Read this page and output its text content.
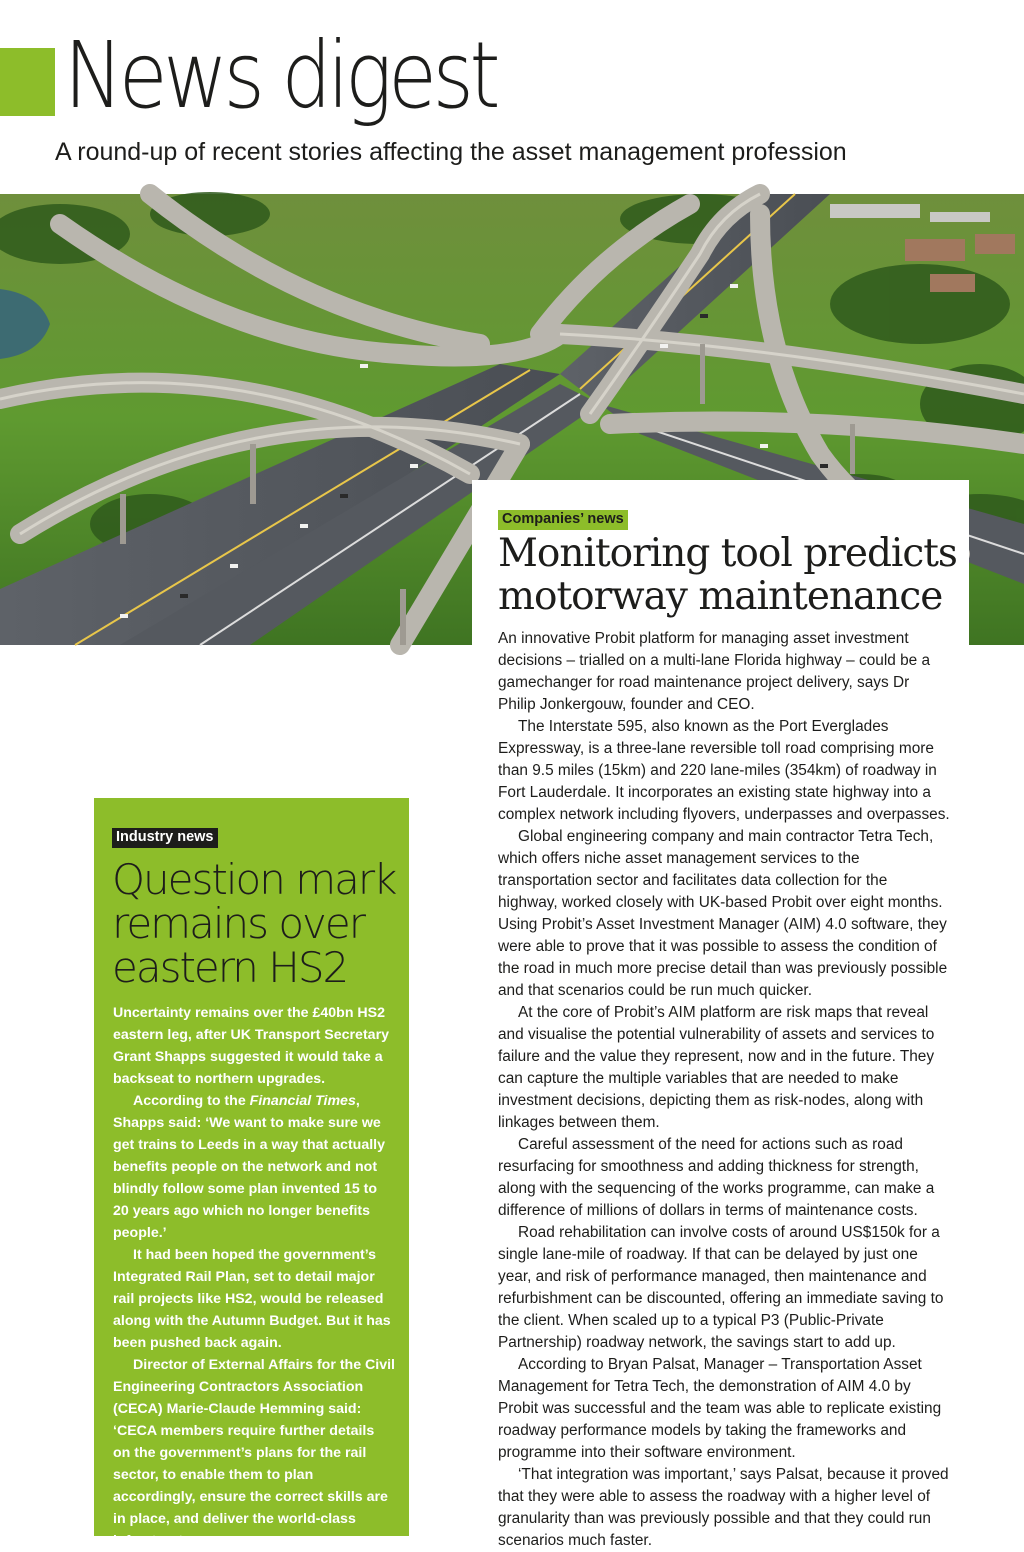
News digest

A round-up of recent stories affecting the asset management profession

Companies’ news
Monitoring tool predicts motorway maintenance

An innovative Probit platform for managing asset investment decisions – trialled on a multi-lane Florida highway – could be a gamechanger for road maintenance project delivery, says Dr Philip Jonkergouw, founder and CEO.

The Interstate 595, also known as the Port Everglades Expressway, is a three-lane reversible toll road comprising more than 9.5 miles (15km) and 220 lane-miles (354km) of roadway in Fort Lauderdale. It incorporates an existing state highway into a complex network including flyovers, underpasses and overpasses.

Global engineering company and main contractor Tetra Tech, which offers niche asset management services to the transportation sector and facilitates data collection for the highway, worked closely with UK-based Probit over eight months. Using Probit’s Asset Investment Manager (AIM) 4.0 software, they were able to prove that it was possible to assess the condition of the road in much more precise detail than was previously possible and that scenarios could be run much quicker.

At the core of Probit’s AIM platform are risk maps that reveal and visualise the potential vulnerability of assets and services to failure and the value they represent, now and in the future. They can capture the multiple variables that are needed to make investment decisions, depicting them as risk-nodes, along with linkages between them.

Careful assessment of the need for actions such as road resurfacing for smoothness and adding thickness for strength, along with the sequencing of the works programme, can make a difference of millions of dollars in terms of maintenance costs.

Road rehabilitation can involve costs of around US$150k for a single lane-mile of roadway. If that can be delayed by just one year, and risk of performance managed, then maintenance and refurbishment can be discounted, offering an immediate saving to the client. When scaled up to a typical P3 (Public-Private Partnership) roadway network, the savings start to add up.

According to Bryan Palsat, Manager – Transportation Asset Management for Tetra Tech, the demonstration of AIM 4.0 by Probit was successful and the team was able to replicate existing roadway performance models by taking the frameworks and programme into their software environment.

‘That integration was important,’ says Palsat, because it proved that they were able to assess the roadway with a higher level of granularity than was previously possible and that they could run scenarios much faster.

Industry news
Question mark remains over eastern HS2

Uncertainty remains over the £40bn HS2 eastern leg, after UK Transport Secretary Grant Shapps suggested it would take a backseat to northern upgrades.

According to the Financial Times, Shapps said: ‘We want to make sure we get trains to Leeds in a way that actually benefits people on the network and not blindly follow some plan invented 15 to 20 years ago which no longer benefits people.’

It had been hoped the government’s Integrated Rail Plan, set to detail major rail projects like HS2, would be released along with the Autumn Budget. But it has been pushed back again.

Director of External Affairs for the Civil Engineering Contractors Association (CECA) Marie-Claude Hemming said: ‘CECA members require further details on the government’s plans for the rail sector, to enable them to plan accordingly, ensure the correct skills are in place, and deliver the world-class infrastructure
